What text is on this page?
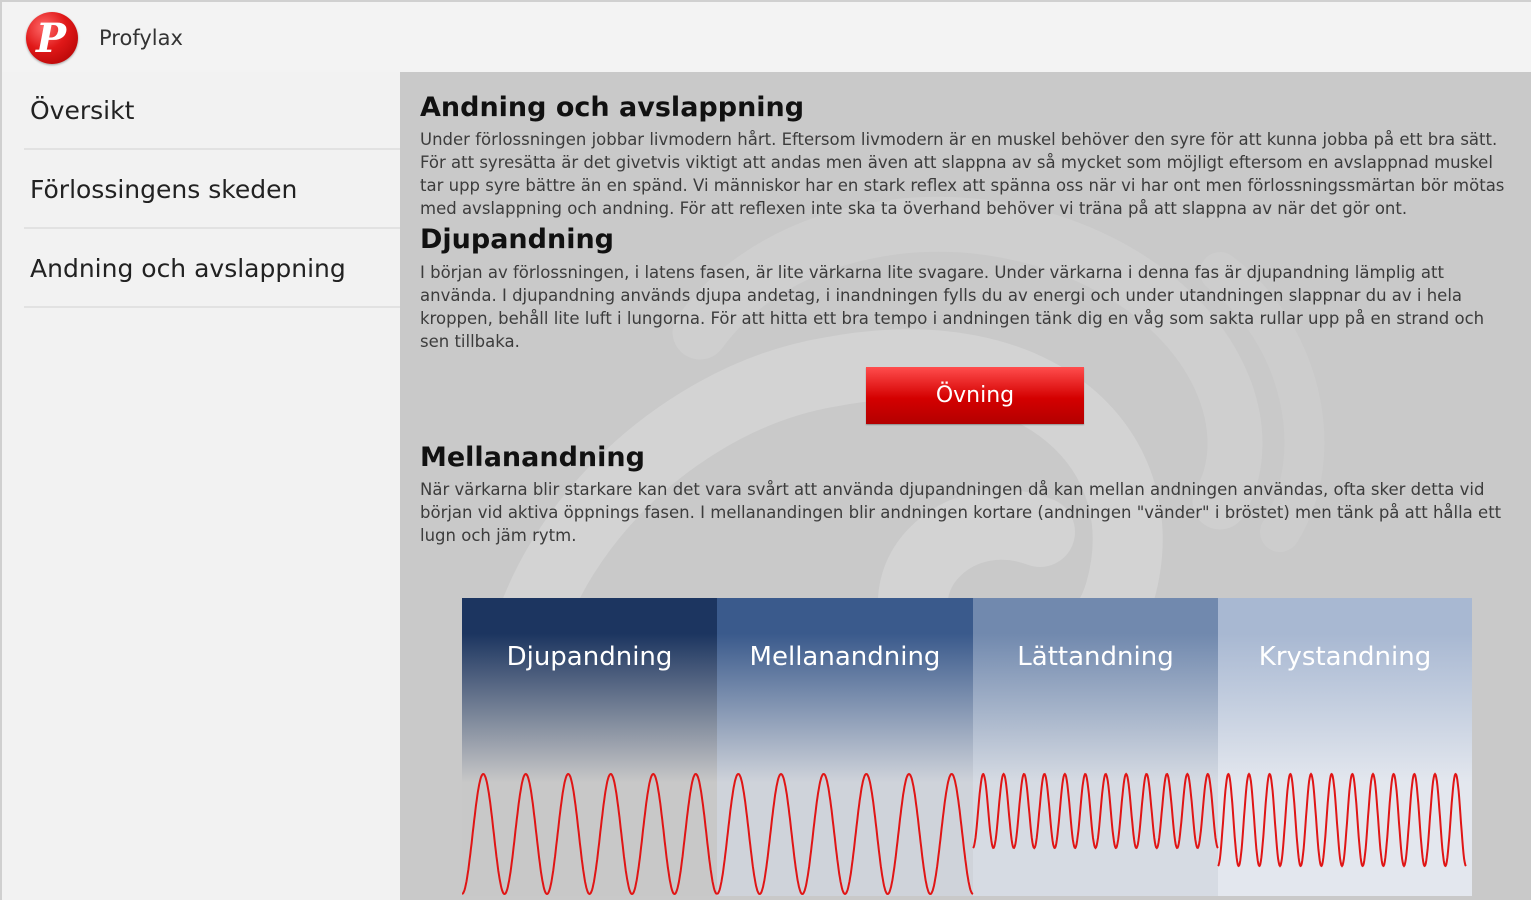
P Profylax
Översikt
Förlossingens skeden
Andning och avslappning
Andning och avslappning

Under förlossningen jobbar livmodern hårt. Eftersom livmodern är en muskel behöver den syre för att kunna jobba på ett bra sätt. För att syresätta är det givetvis viktigt att andas men även att slappna av så mycket som möjligt eftersom en avslappnad muskel tar upp syre bättre än en spänd. Vi människor har en stark reflex att spänna oss när vi har ont men förlossningssmärtan bör mötas med avslappning och andning. För att reflexen inte ska ta överhand behöver vi träna på att slappna av när det gör ont.

Djupandning

I början av förlossningen, i latens fasen, är lite värkarna lite svagare. Under värkarna i denna fas är djupandning lämplig att använda. I djupandning används djupa andetag, i inandningen fylls du av energi och under utandningen slappnar du av i hela kroppen, behåll lite luft i lungorna. För att hitta ett bra tempo i andningen tänk dig en våg som sakta rullar upp på en strand och sen tillbaka.

Övning
Mellanandning

När värkarna blir starkare kan det vara svårt att använda djupandningen då kan mellan andningen användas, ofta sker detta vid början vid aktiva öppnings fasen. I mellanandingen blir andningen kortare (andningen "vänder" i bröstet) men tänk på att hålla ett lugn och jäm rytm.

Djupandning	Mellanandning	Lättandning	Krystandning
